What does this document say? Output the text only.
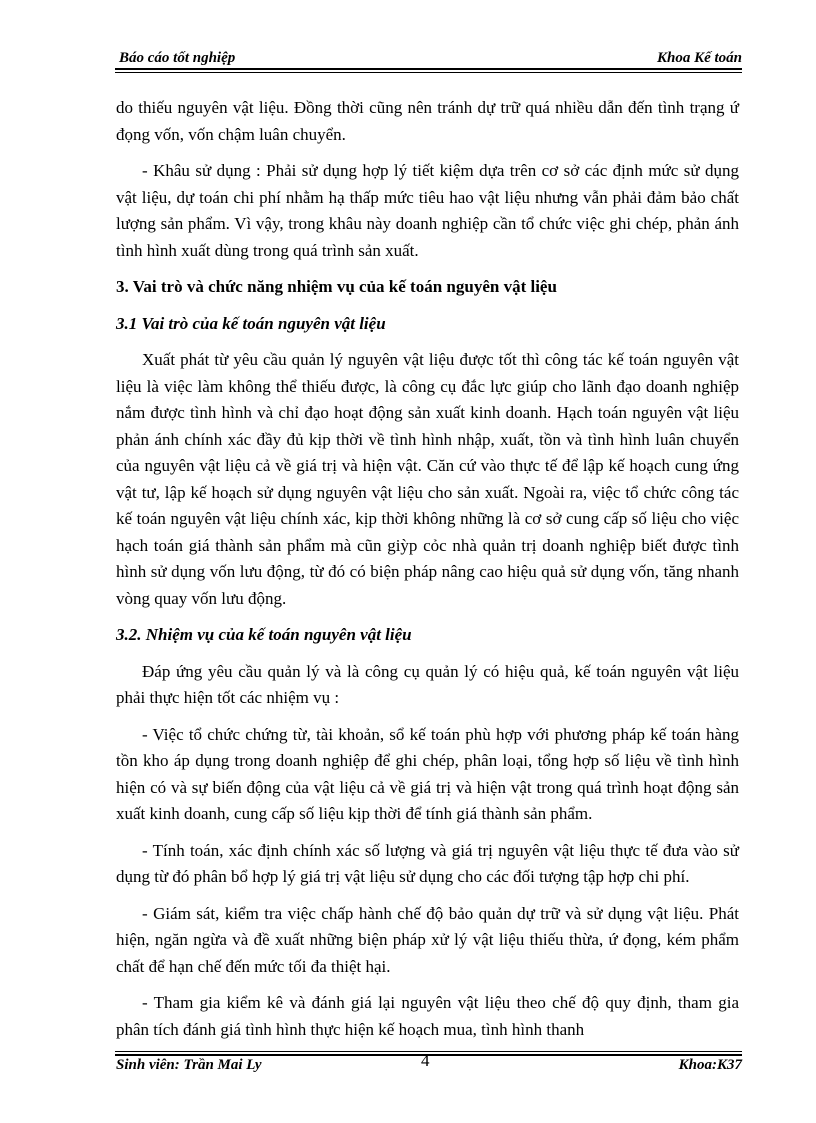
Báo cáo tốt nghiệp	Khoa Kế toán

do thiếu nguyên vật liệu. Đồng thời cũng nên tránh dự trữ quá nhiều dẫn đến tình trạng ứ đọng vốn, vốn chậm luân chuyển.

- Khâu sử dụng : Phải sử dụng hợp lý tiết kiệm dựa trên cơ sở các định mức sử dụng vật liệu, dự toán chi phí nhằm hạ thấp mức tiêu hao vật liệu nhưng vẫn phải đảm bảo chất lượng sản phẩm. Vì vậy, trong khâu này doanh nghiệp cần tổ chức việc ghi chép, phản ánh tình hình xuất dùng trong quá trình sản xuất.

3. Vai trò và chức năng nhiệm vụ của kế toán nguyên vật liệu

3.1 Vai trò của kế toán nguyên vật liệu

Xuất phát từ yêu cầu quản lý nguyên vật liệu được tốt thì công tác kế toán nguyên vật liệu là việc làm không thể thiếu được, là công cụ đắc lực giúp cho lãnh đạo doanh nghiệp nắm được tình hình và chỉ đạo hoạt động sản xuất kinh doanh. Hạch toán nguyên vật liệu phản ánh chính xác đầy đủ kịp thời về tình hình nhập, xuất, tồn và tình hình luân chuyển của nguyên vật liệu cả về giá trị và hiện vật. Căn cứ vào thực tế để lập kế hoạch cung ứng vật tư, lập kế hoạch sử dụng nguyên vật liệu cho sản xuất. Ngoài ra, việc tổ chức công tác kế toán nguyên vật liệu chính xác, kịp thời không những là cơ sở cung cấp số liệu cho việc hạch toán giá thành sản phẩm mà cũn giỳp cỏc nhà quản trị doanh nghiệp biết được tình hình sử dụng vốn lưu động, từ đó có biện pháp nâng cao hiệu quả sử dụng vốn, tăng nhanh vòng quay vốn lưu động.

3.2. Nhiệm vụ của kế toán nguyên vật liệu

Đáp ứng yêu cầu quản lý và là công cụ quản lý có hiệu quả, kế toán nguyên vật liệu phải thực hiện tốt các nhiệm vụ :

- Việc tổ chức chứng từ, tài khoản, sổ kế toán phù hợp với phương pháp kế toán hàng tồn kho áp dụng trong doanh nghiệp để ghi chép, phân loại, tổng hợp số liệu về tình hình hiện có và sự biến động của vật liệu cả về giá trị và hiện vật trong quá trình hoạt động sản xuất kinh doanh, cung cấp số liệu kịp thời để tính giá thành sản phẩm.

- Tính toán, xác định chính xác số lượng và giá trị nguyên vật liệu thực tế đưa vào sử dụng từ đó phân bổ hợp lý giá trị vật liệu sử dụng cho các đối tượng tập hợp chi phí.

- Giám sát, kiểm tra việc chấp hành chế độ bảo quản dự trữ và sử dụng vật liệu. Phát hiện, ngăn ngừa và đề xuất những biện pháp xử lý vật liệu thiếu thừa, ứ đọng, kém phẩm chất để hạn chế đến mức tối đa thiệt hại.

- Tham gia kiểm kê và đánh giá lại nguyên vật liệu theo chế độ quy định, tham gia phân tích đánh giá tình hình thực hiện kế hoạch mua, tình hình thanh

Sinh viên: Trần Mai Ly	4	Khoa:K37
